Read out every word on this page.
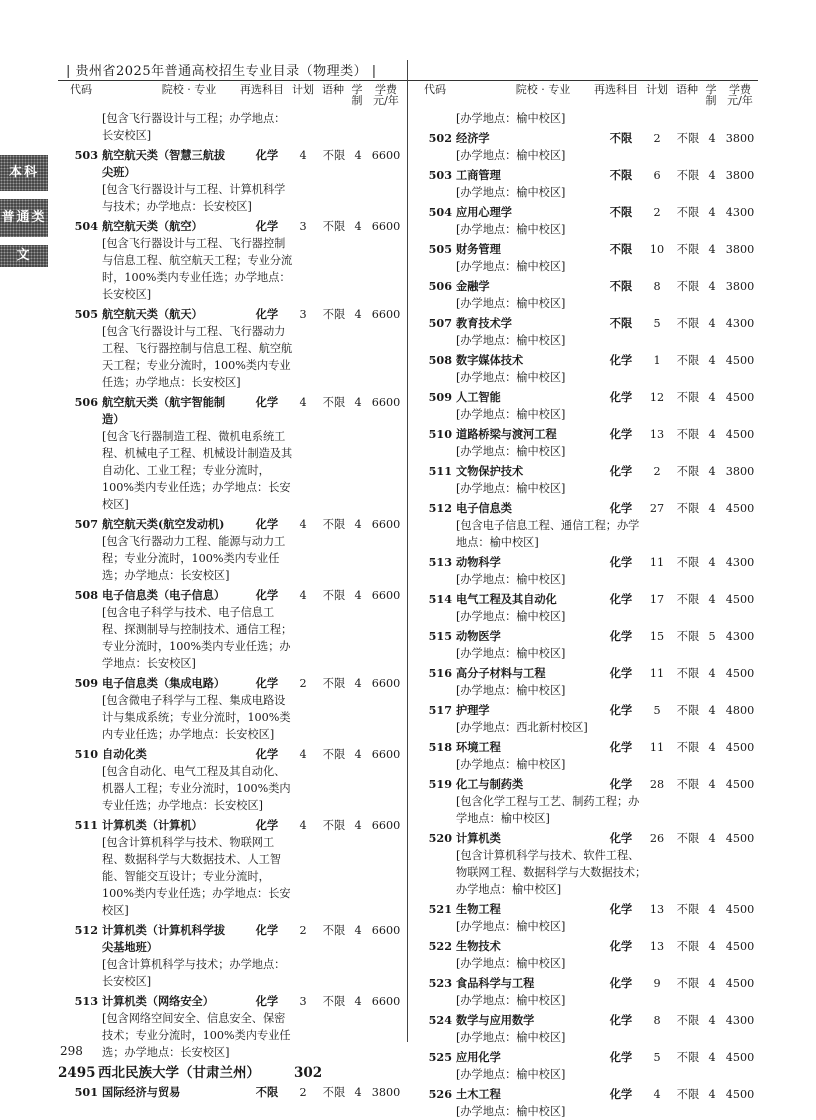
| 贵州省2025年普通高校招生专业目录（物理类） |
代码	院校 · 专业	再选科目 计划 语种 学
制
学费
元/年
代码	院校 · 专业	再选科目 计划 语种 学
制
学费
元/年
本科
普通类
文
[包含飞行器设计与工程；办学地点：长安校区]
503 航空航天类（智慧三航拔	化学	4	不限 4 6600
尖班）
[包含飞行器设计与工程、计算机科学与技术；办学地点：长安校区]
504 航空航天类（航空）	化学	3	不限 4 6600
[包含飞行器设计与工程、飞行器控制与信息工程、航空航天工程；专业分流时，100%类内专业任选；办学地点：长安校区]
505 航空航天类（航天）	化学	3	不限 4 6600
[包含飞行器设计与工程、飞行器动力工程、飞行器控制与信息工程、航空航天工程；专业分流时，100%类内专业任选；办学地点：长安校区]
506 航空航天类（航宇智能制	化学	4	不限 4 6600
造）
[包含飞行器制造工程、微机电系统工程、机械电子工程、机械设计制造及其自动化、工业工程；专业分流时，100%类内专业任选；办学地点：长安校区]
507 航空航天类(航空发动机)	化学	4	不限 4 6600
[包含飞行器动力工程、能源与动力工程；专业分流时，100%类内专业任选；办学地点：长安校区]
508 电子信息类（电子信息）	化学	4	不限 4 6600
[包含电子科学与技术、电子信息工程、探测制导与控制技术、通信工程；专业分流时，100%类内专业任选；办学地点：长安校区]
509 电子信息类（集成电路）	化学	2	不限 4 6600
[包含微电子科学与工程、集成电路设计与集成系统；专业分流时，100%类内专业任选；办学地点：长安校区]
510 自动化类	化学	4	不限 4 6600
[包含自动化、电气工程及其自动化、机器人工程；专业分流时，100%类内专业任选；办学地点：长安校区]
511 计算机类（计算机）	化学	4	不限 4 6600
[包含计算机科学与技术、物联网工程、数据科学与大数据技术、人工智能、智能交互设计；专业分流时，100%类内专业任选；办学地点：长安校区]
512 计算机类（计算机科学拔	化学	2	不限 4 6600
尖基地班）
[包含计算机科学与技术；办学地点：长安校区]
513 计算机类（网络安全）	化学	3	不限 4 6600
[包含网络空间安全、信息安全、保密技术；专业分流时，100%类内专业任选；办学地点：长安校区]
2495 西北民族大学（甘肃兰州）	302
501 国际经济与贸易	不限	2	不限 4 3800
[办学地点：榆中校区]
502 经济学	不限	2	不限 4 3800
[办学地点：榆中校区]
503 工商管理	不限	6	不限 4 3800
[办学地点：榆中校区]
504 应用心理学	不限	2	不限 4 4300
[办学地点：榆中校区]
505 财务管理	不限	10 不限 4 3800
[办学地点：榆中校区]
506 金融学	不限	8	不限 4 3800
[办学地点：榆中校区]
507 教育技术学	不限	5	不限 4 4300
[办学地点：榆中校区]
508 数字媒体技术	化学	1	不限 4 4500
[办学地点：榆中校区]
509 人工智能	化学	12 不限 4 4500
[办学地点：榆中校区]
510 道路桥梁与渡河工程	化学	13 不限 4 4500
[办学地点：榆中校区]
511 文物保护技术	化学	2	不限 4 3800
[办学地点：榆中校区]
512 电子信息类	化学	27 不限 4 4500
[包含电子信息工程、通信工程；办学地点：榆中校区]
513 动物科学	化学	11 不限 4 4300
[办学地点：榆中校区]
514 电气工程及其自动化	化学	17 不限 4 4500
[办学地点：榆中校区]
515 动物医学	化学	15 不限 5 4300
[办学地点：榆中校区]
516 高分子材料与工程	化学	11 不限 4 4500
[办学地点：榆中校区]
517 护理学	化学	5	不限 4 4800
[办学地点：西北新村校区]
518 环境工程	化学	11 不限 4 4500
[办学地点：榆中校区]
519 化工与制药类	化学	28 不限 4 4500
[包含化学工程与工艺、制药工程；办学地点：榆中校区]
520 计算机类	化学	26 不限 4 4500
[包含计算机科学与技术、软件工程、物联网工程、数据科学与大数据技术；办学地点：榆中校区]
521 生物工程	化学	13 不限 4 4500
[办学地点：榆中校区]
522 生物技术	化学	13 不限 4 4500
[办学地点：榆中校区]
523 食品科学与工程	化学	9	不限 4 4500
[办学地点：榆中校区]
524 数学与应用数学	化学	8	不限 4 4300
[办学地点：榆中校区]
525 应用化学	化学	5	不限 4 4500
[办学地点：榆中校区]
526 土木工程	化学	4	不限 4 4500
[办学地点：榆中校区]
298
